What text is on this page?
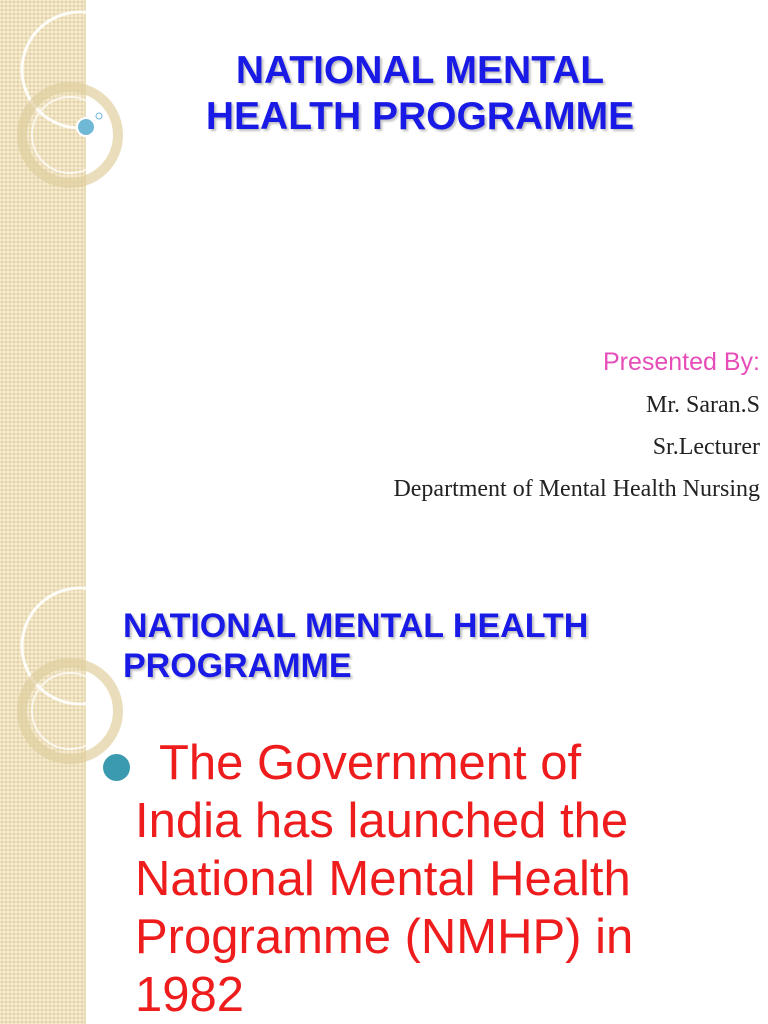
NATIONAL MENTAL
HEALTH PROGRAMME

Presented By:

Mr. Saran.S

Sr.Lecturer

Department of Mental Health Nursing

NATIONAL MENTAL HEALTH
PROGRAMME

The Government of
India has launched the
National Mental Health
Programme (NMHP) in
1982
